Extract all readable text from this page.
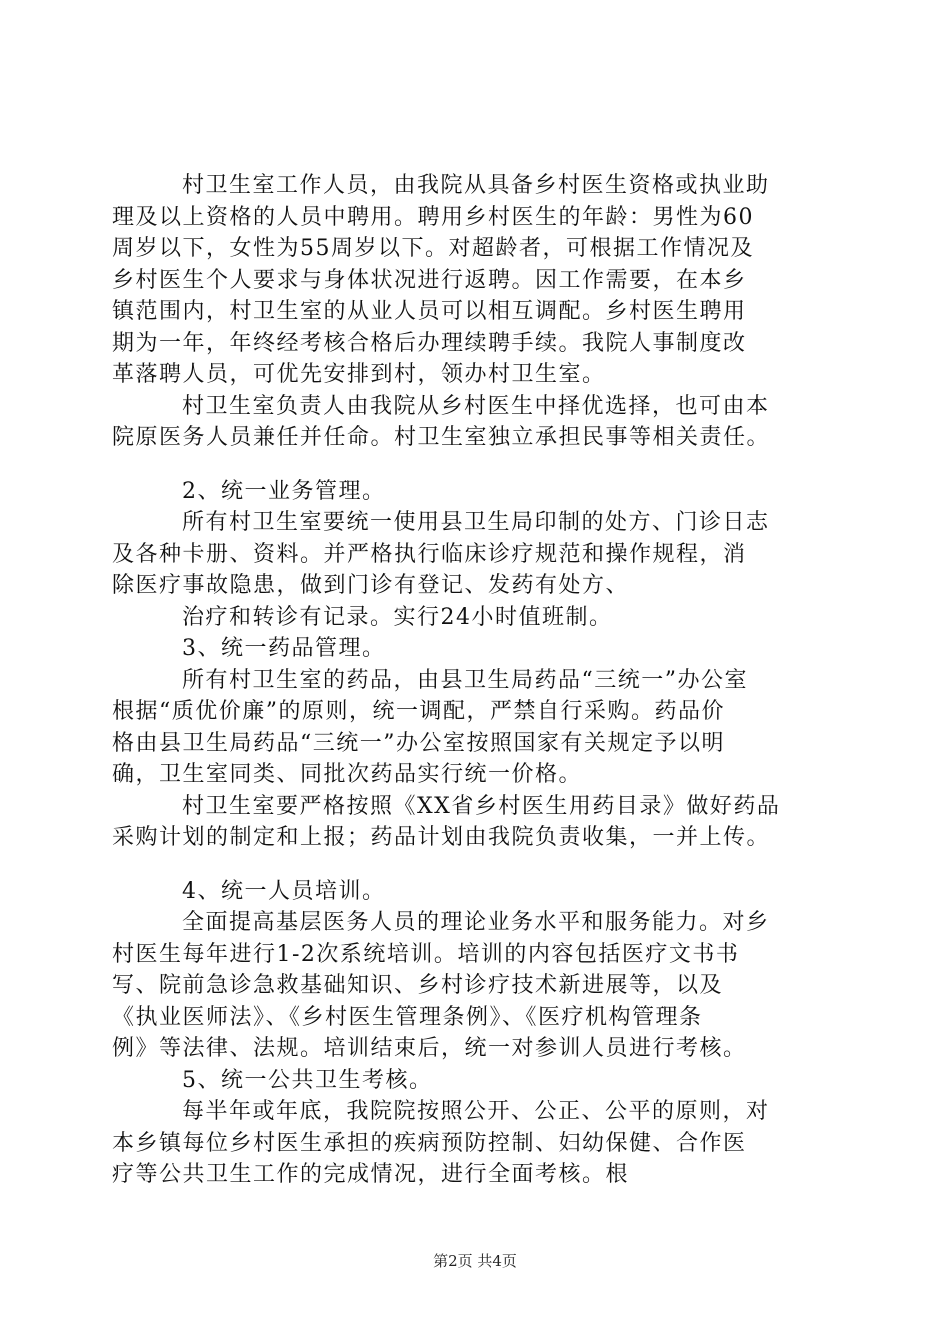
村卫生室工作人员，由我院从具备乡村医生资格或执业助
理及以上资格的人员中聘用。聘用乡村医生的年龄：男性为60
周岁以下，女性为55周岁以下。对超龄者，可根据工作情况及
乡村医生个人要求与身体状况进行返聘。因工作需要，在本乡
镇范围内，村卫生室的从业人员可以相互调配。乡村医生聘用
期为一年，年终经考核合格后办理续聘手续。我院人事制度改
革落聘人员，可优先安排到村，领办村卫生室。
村卫生室负责人由我院从乡村医生中择优选择，也可由本
院原医务人员兼任并任命。村卫生室独立承担民事等相关责任。
2、统一业务管理。
所有村卫生室要统一使用县卫生局印制的处方、门诊日志
及各种卡册、资料。并严格执行临床诊疗规范和操作规程，消
除医疗事故隐患，做到门诊有登记、发药有处方、
治疗和转诊有记录。实行24小时值班制。
3、统一药品管理。
所有村卫生室的药品，由县卫生局药品“三统一”办公室
根据“质优价廉”的原则，统一调配，严禁自行采购。药品价
格由县卫生局药品“三统一”办公室按照国家有关规定予以明
确，卫生室同类、同批次药品实行统一价格。
村卫生室要严格按照《XX省乡村医生用药目录》做好药品
采购计划的制定和上报；药品计划由我院负责收集，一并上传。
4、统一人员培训。
全面提高基层医务人员的理论业务水平和服务能力。对乡
村医生每年进行1-2次系统培训。培训的内容包括医疗文书书
写、院前急诊急救基础知识、乡村诊疗技术新进展等，以及
《执业医师法》、《乡村医生管理条例》、《医疗机构管理条
例》等法律、法规。培训结束后，统一对参训人员进行考核。
5、统一公共卫生考核。
每半年或年底，我院院按照公开、公正、公平的原则，对
本乡镇每位乡村医生承担的疾病预防控制、妇幼保健、合作医
疗等公共卫生工作的完成情况，进行全面考核。根
第2页 共4页
